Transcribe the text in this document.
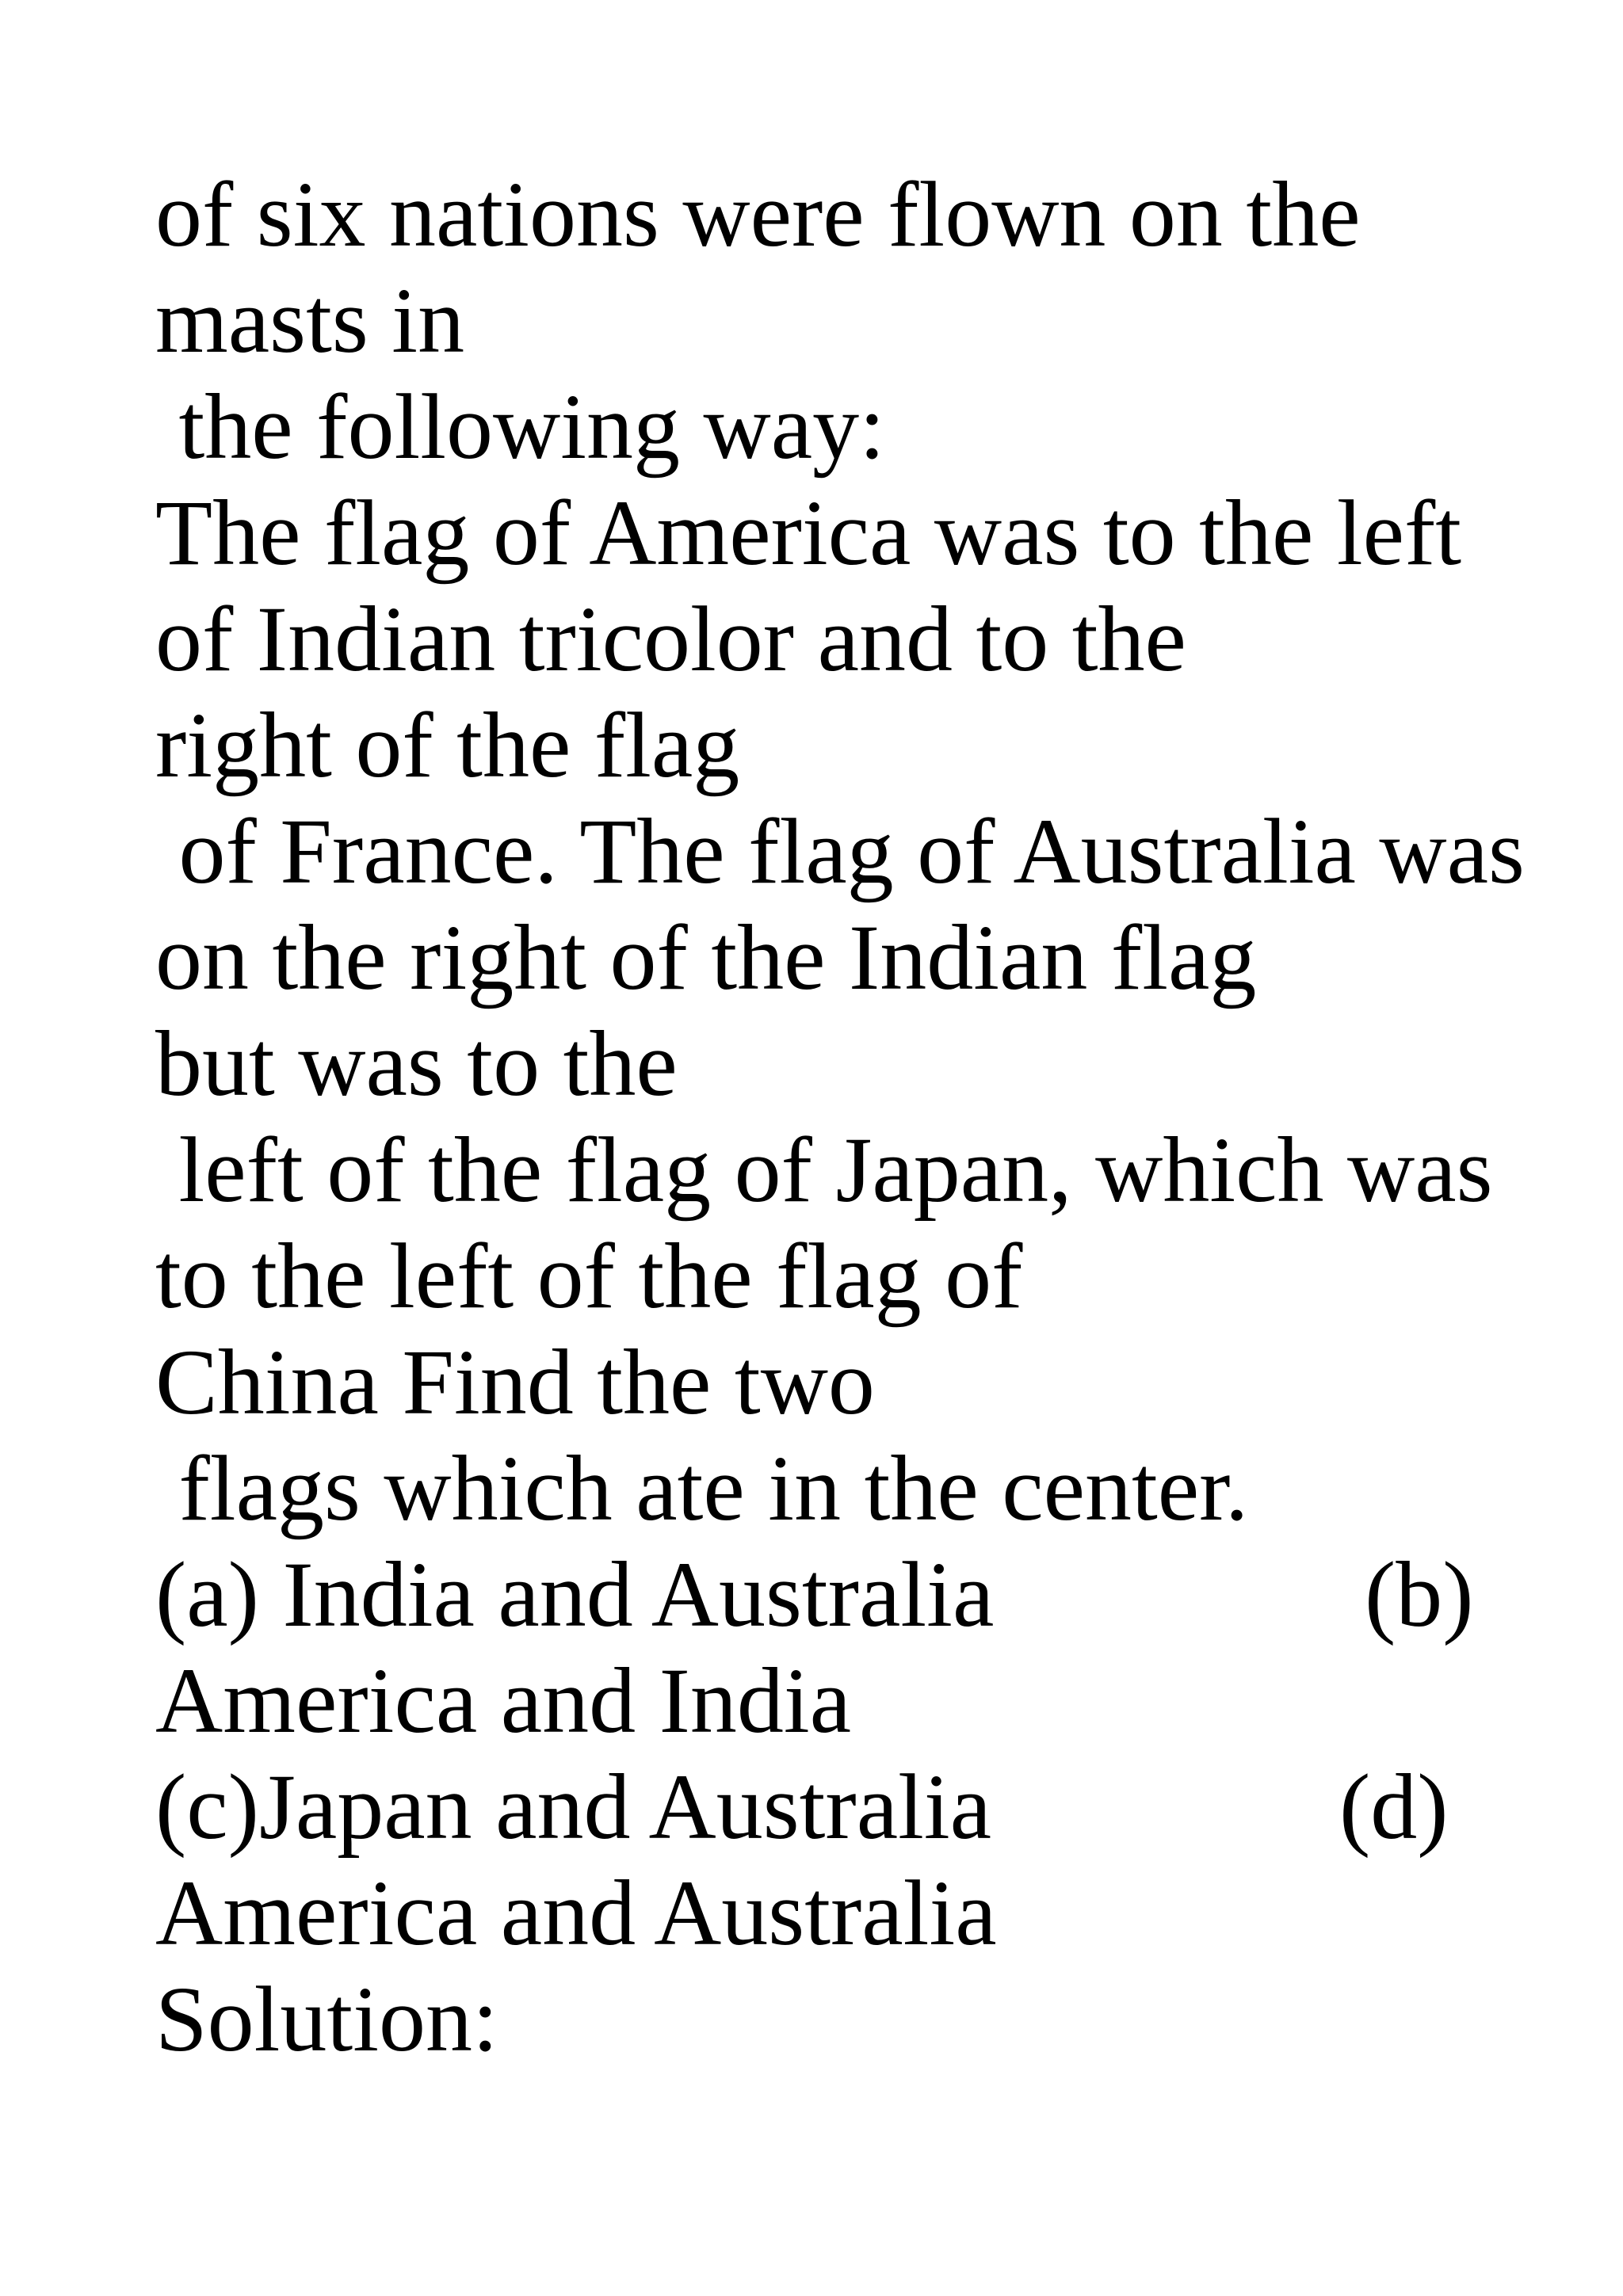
of six nations were flown on the

masts in

the following way:

The flag of America was to the left

of Indian tricolor and to the

right of the flag

of France. The flag of Australia was

on the right of the Indian flag

but was to the

left of the flag of Japan, which was

to the left of the flag of

China Find the two

flags which ate in the center.

(a) India and Australia	(b)

America and India

(c)Japan and Australia	(d)

America and Australia

Solution:
